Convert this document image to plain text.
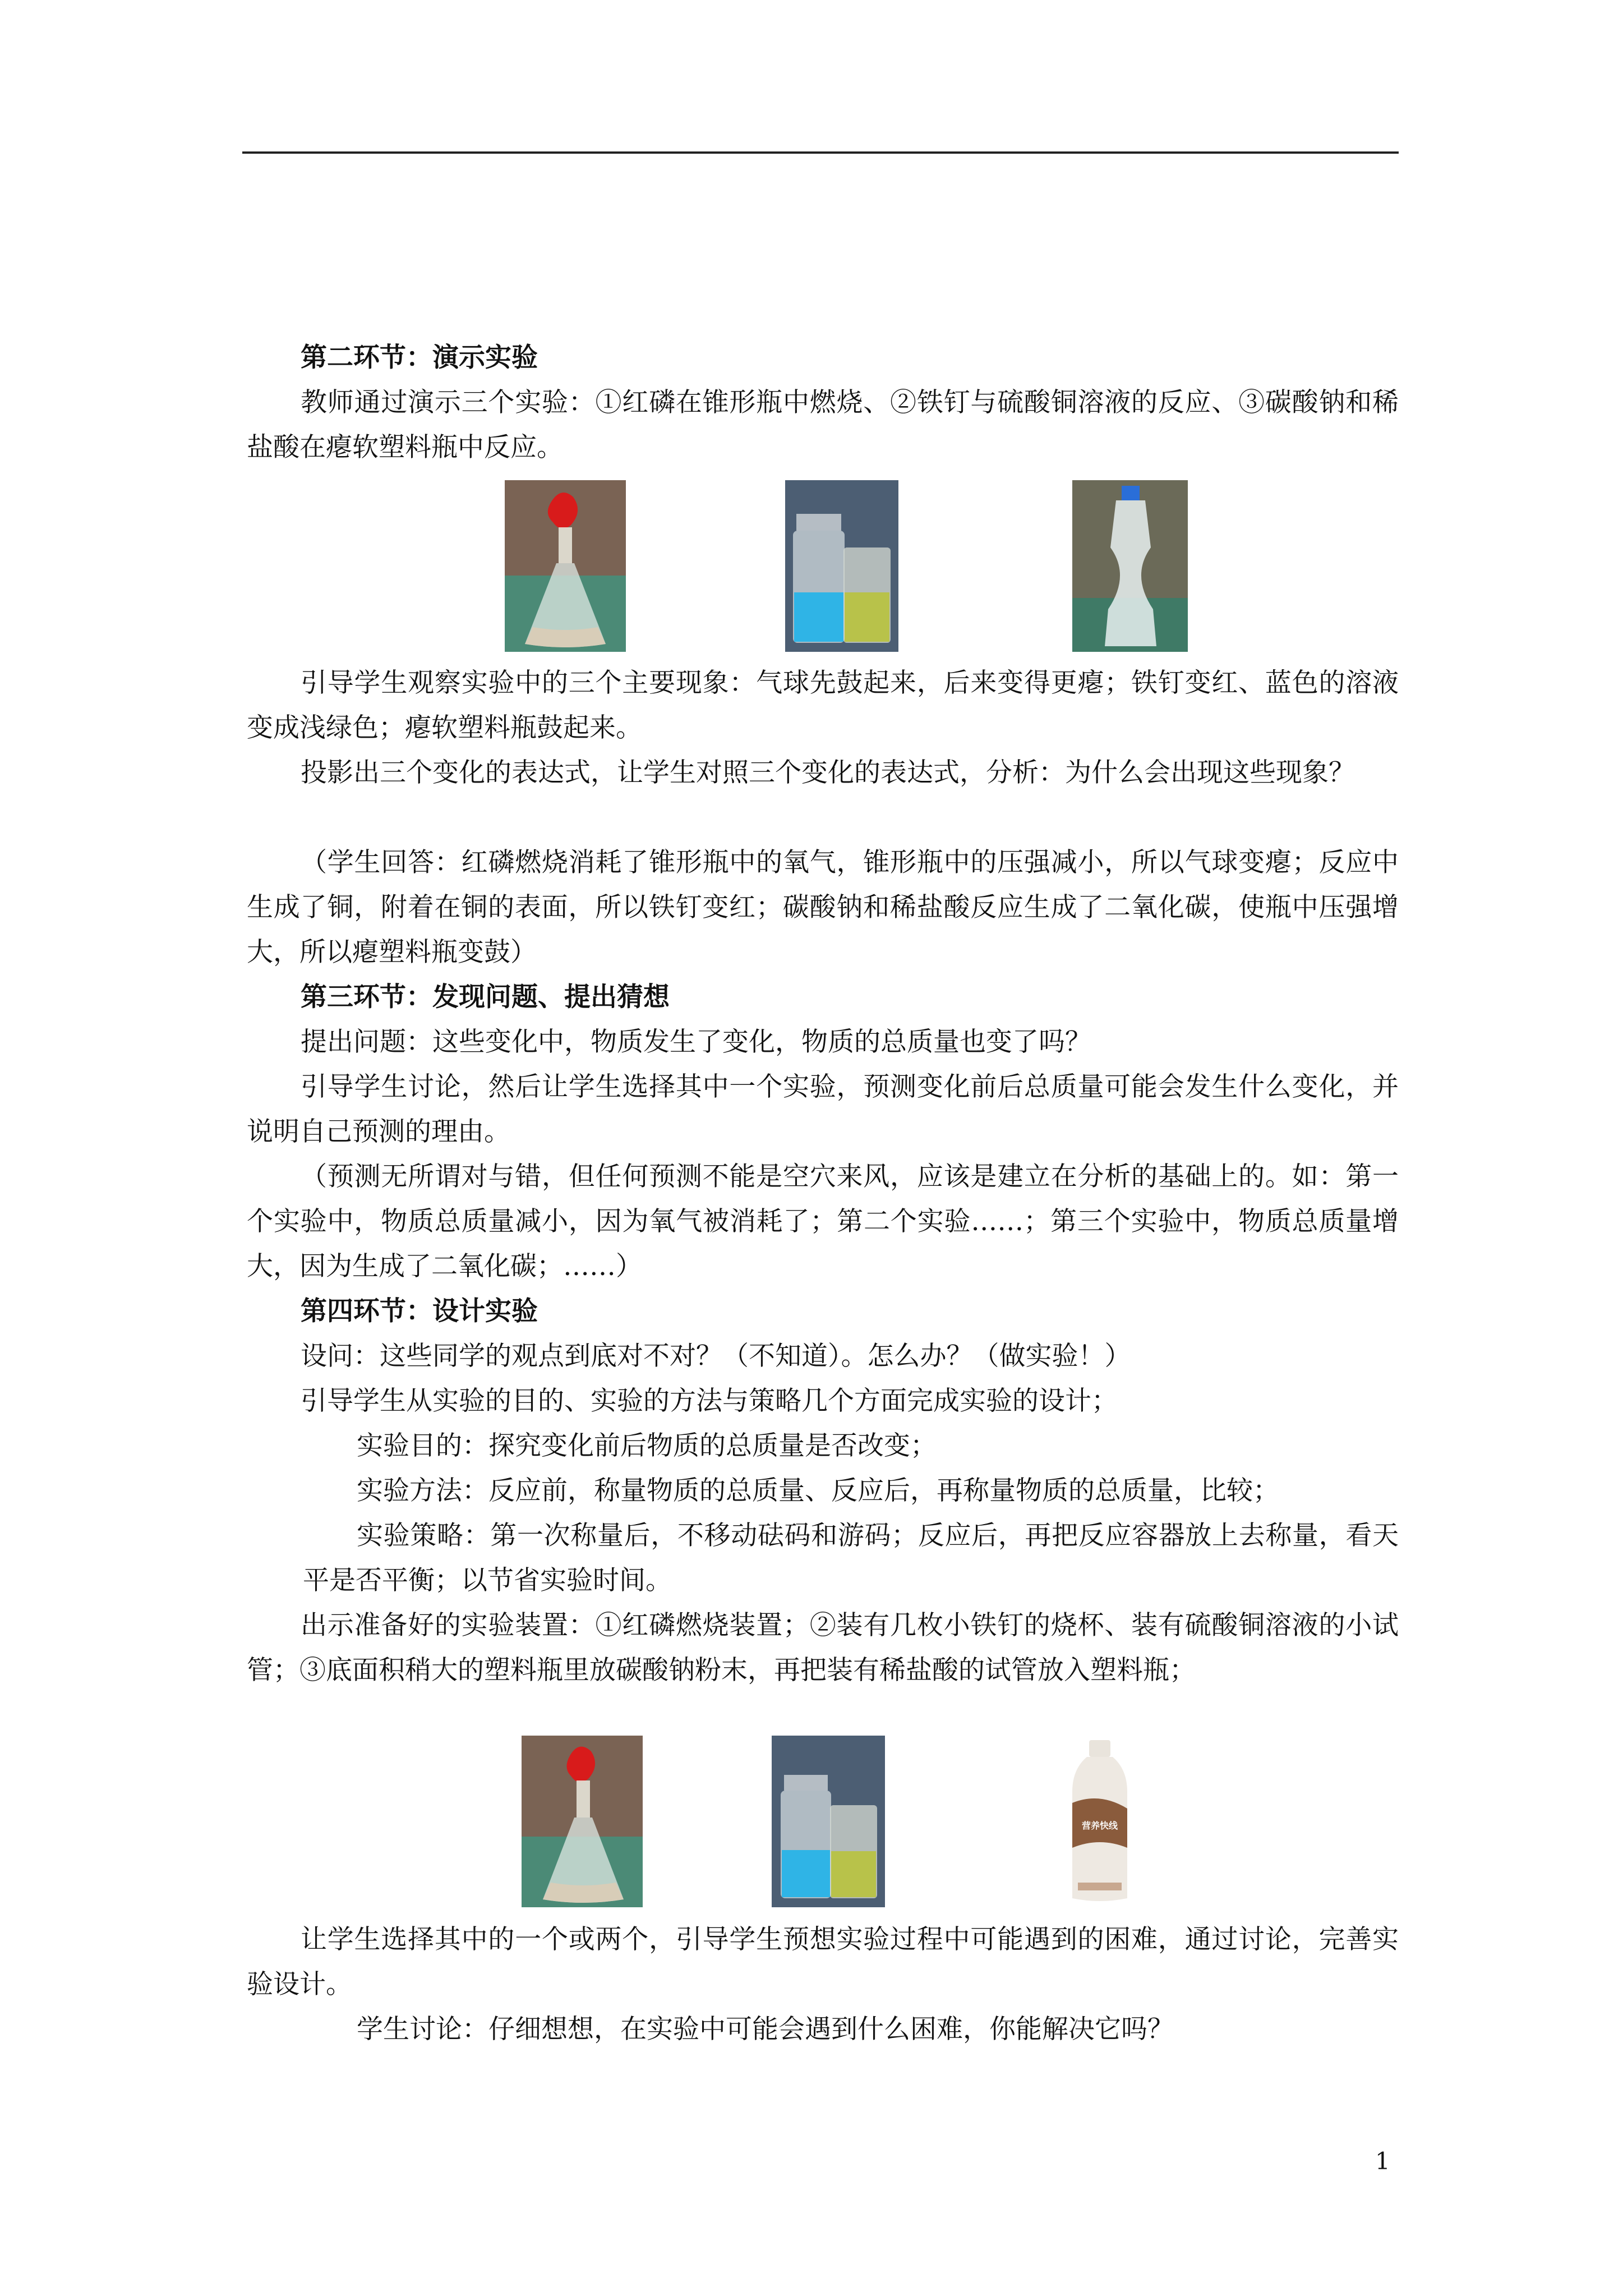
第二环节：演示实验

教师通过演示三个实验：①红磷在锥形瓶中燃烧、②铁钉与硫酸铜溶液的反应、③碳酸钠和稀盐酸在瘪软塑料瓶中反应。

引导学生观察实验中的三个主要现象：气球先鼓起来，后来变得更瘪；铁钉变红、蓝色的溶液变成浅绿色；瘪软塑料瓶鼓起来。

投影出三个变化的表达式，让学生对照三个变化的表达式，分析：为什么会出现这些现象？

（学生回答：红磷燃烧消耗了锥形瓶中的氧气，锥形瓶中的压强减小，所以气球变瘪；反应中生成了铜，附着在铜的表面，所以铁钉变红；碳酸钠和稀盐酸反应生成了二氧化碳，使瓶中压强增大，所以瘪塑料瓶变鼓）

第三环节：发现问题、提出猜想

提出问题：这些变化中，物质发生了变化，物质的总质量也变了吗？

引导学生讨论，然后让学生选择其中一个实验，预测变化前后总质量可能会发生什么变化，并说明自己预测的理由。

（预测无所谓对与错，但任何预测不能是空穴来风，应该是建立在分析的基础上的。如：第一个实验中，物质总质量减小，因为氧气被消耗了；第二个实验……；第三个实验中，物质总质量增大，因为生成了二氧化碳；……）

第四环节：设计实验

设问：这些同学的观点到底对不对？（不知道）。怎么办？（做实验！）

引导学生从实验的目的、实验的方法与策略几个方面完成实验的设计；

实验目的：探究变化前后物质的总质量是否改变；

实验方法：反应前，称量物质的总质量、反应后，再称量物质的总质量，比较；

实验策略：第一次称量后，不移动砝码和游码；反应后，再把反应容器放上去称量，看天平是否平衡；以节省实验时间。

出示准备好的实验装置：①红磷燃烧装置；②装有几枚小铁钉的烧杯、装有硫酸铜溶液的小试管；③底面积稍大的塑料瓶里放碳酸钠粉末，再把装有稀盐酸的试管放入塑料瓶；

营养快线

让学生选择其中的一个或两个，引导学生预想实验过程中可能遇到的困难，通过讨论，完善实验设计。

学生讨论：仔细想想，在实验中可能会遇到什么困难，你能解决它吗？

1
